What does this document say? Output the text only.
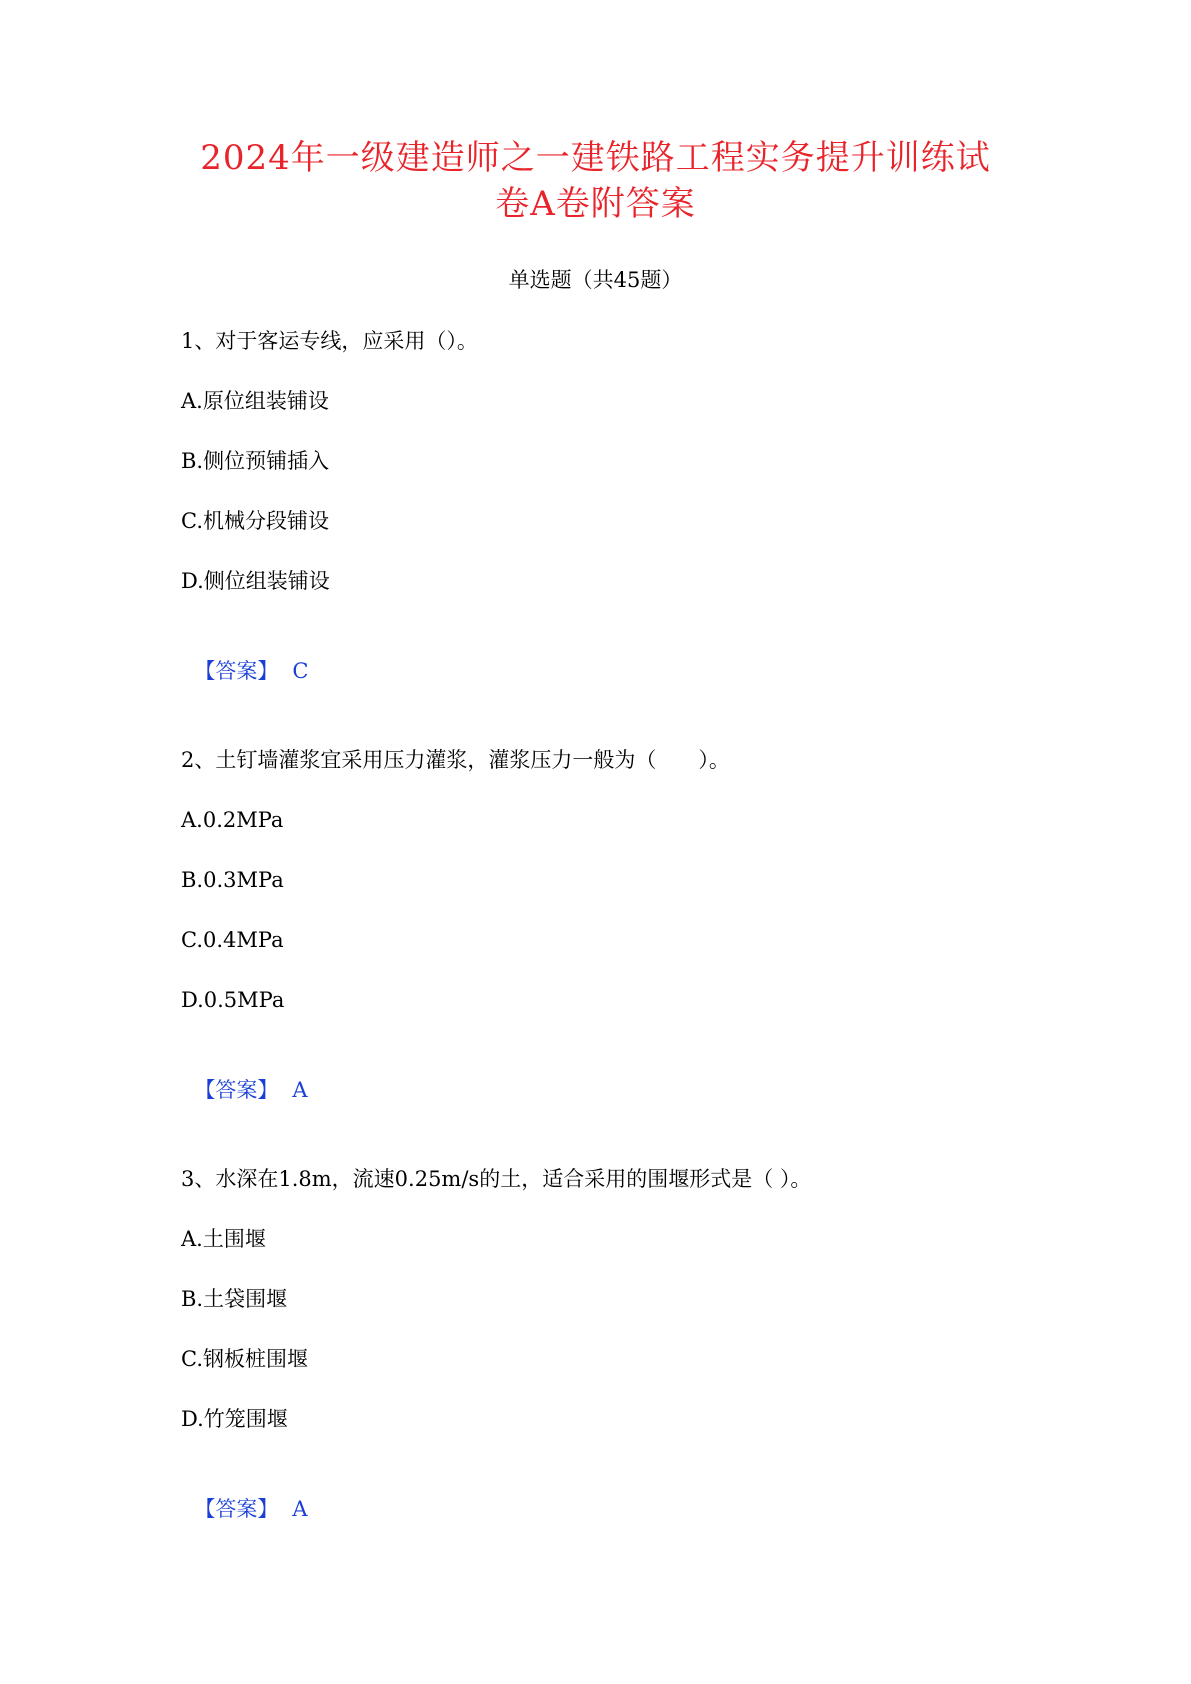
2024年一级建造师之一建铁路工程实务提升训练试
卷A卷附答案
单选题（共45题）
1、对于客运专线，应采用（）。
A.原位组装铺设
B.侧位预铺插入
C.机械分段铺设
D.侧位组装铺设

【答案】 C

2、土钉墙灌浆宜采用压力灌浆，灌浆压力一般为（　　）。
A.0.2MPa
B.0.3MPa
C.0.4MPa
D.0.5MPa

【答案】 A

3、水深在1.8m，流速0.25m/s的土，适合采用的围堰形式是（ ）。
A.土围堰
B.土袋围堰
C.钢板桩围堰
D.竹笼围堰

【答案】 A
